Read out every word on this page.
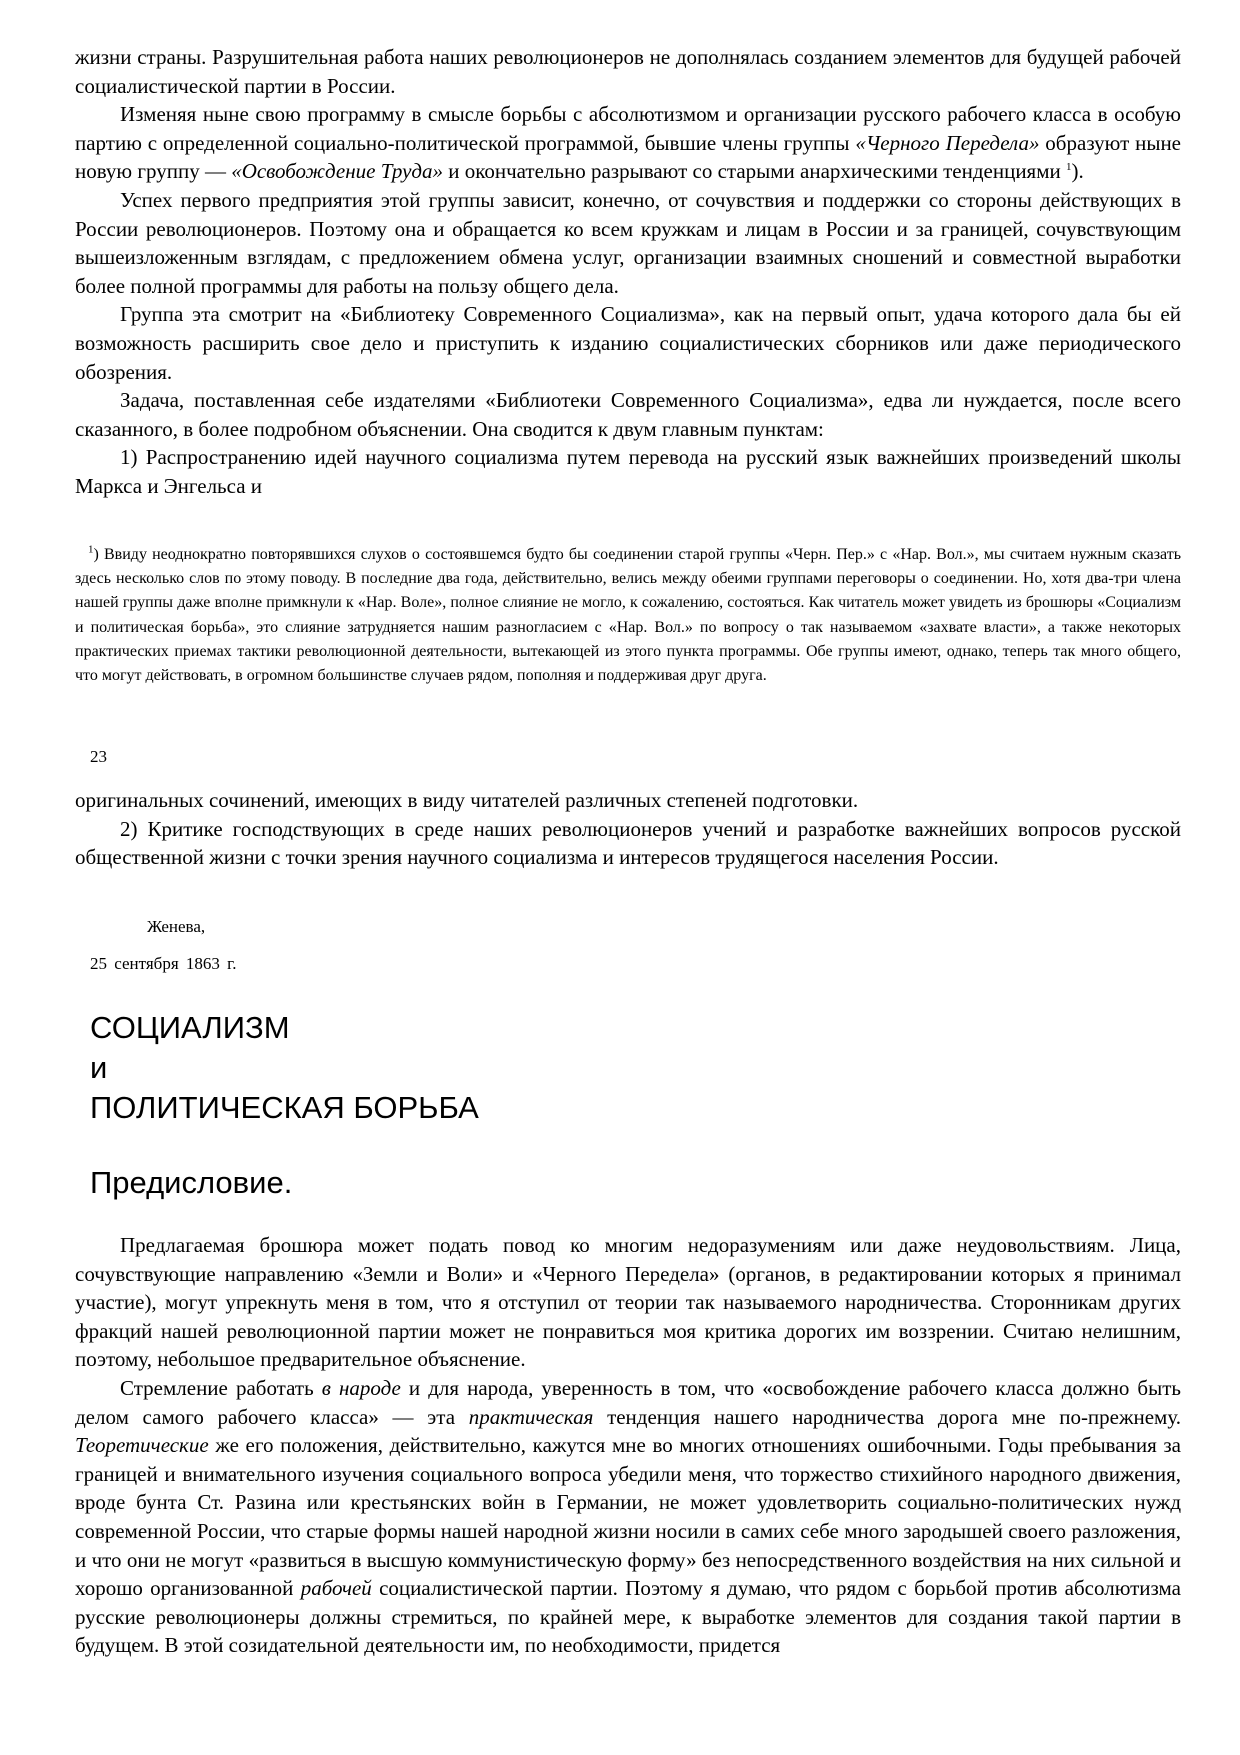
жизни страны. Разрушительная работа наших революционеров не дополнялась созданием элементов для будущей рабочей социалистической партии в России.

Изменяя ныне свою программу в смысле борьбы с абсолютизмом и организации русского рабочего класса в особую партию с определенной социально-политической программой, бывшие члены группы «Черного Передела» образуют ныне новую группу — «Освобождение Труда» и окончательно разрывают со старыми анархическими тенденциями $^1$).

Успех первого предприятия этой группы зависит, конечно, от сочувствия и поддержки со стороны действующих в России революционеров. Поэтому она и обращается ко всем кружкам и лицам в России и за границей, сочувствующим вышеизложенным взглядам, с предложением обмена услуг, организации взаимных сношений и совместной выработки более полной программы для работы на пользу общего дела.

Группа эта смотрит на «Библиотеку Современного Социализма», как на первый опыт, удача которого дала бы ей возможность расширить свое дело и приступить к изданию социалистических сборников или даже периодического обозрения.

Задача, поставленная себе издателями «Библиотеки Современного Социализма», едва ли нуждается, после всего сказанного, в более подробном объяснении. Она сводится к двум главным пунктам:

1) Распространению идей научного социализма путем перевода на русский язык важнейших произведений школы Маркса и Энгельса и

$^1$) Ввиду неоднократно повторявшихся слухов о состоявшемся будто бы соединении старой группы «Черн. Пер.» с «Нар. Вол.», мы считаем нужным сказать здесь несколько слов по этому поводу. В последние два года, действительно, велись между обеими группами переговоры о соединении. Но, хотя два-три члена нашей группы даже вполне примкнули к «Нар. Воле», полное слияние не могло, к сожалению, состояться. Как читатель может увидеть из брошюры «Социализм и политическая борьба», это слияние затрудняется нашим разногласием с «Нар. Вол.» по вопросу о так называемом «захвате власти», а также некоторых практических приемах тактики революционной деятельности, вытекающей из этого пункта программы. Обе группы имеют, однако, теперь так много общего, что могут действовать, в огромном большинстве случаев рядом, пополняя и поддерживая друг друга.

23

оригинальных сочинений, имеющих в виду читателей различных степеней подготовки.

2) Критике господствующих в среде наших революционеров учений и разработке важнейших вопросов русской общественной жизни с точки зрения научного социализма и интересов трудящегося населения России.

Женева,
25 сентября 1863 г.
СОЦИАЛИЗМ
и
ПОЛИТИЧЕСКАЯ БОРЬБА
Предисловие.

Предлагаемая брошюра может подать повод ко многим недоразумениям или даже неудовольствиям. Лица, сочувствующие направлению «Земли и Воли» и «Черного Передела» (органов, в редактировании которых я принимал участие), могут упрекнуть меня в том, что я отступил от теории так называемого народничества. Сторонникам других фракций нашей революционной партии может не понравиться моя критика дорогих им воззрении. Считаю нелишним, поэтому, небольшое предварительное объяснение.

Стремление работать в народе и для народа, уверенность в том, что «освобождение рабочего класса должно быть делом самого рабочего класса» — эта практическая тенденция нашего народничества дорога мне по-прежнему. Теоретические же его положения, действительно, кажутся мне во многих отношениях ошибочными. Годы пребывания за границей и внимательного изучения социального вопроса убедили меня, что торжество стихийного народного движения, вроде бунта Ст. Разина или крестьянских войн в Германии, не может удовлетворить социально-политических нужд современной России, что старые формы нашей народной жизни носили в самих себе много зародышей своего разложения, и что они не могут «развиться в высшую коммунистическую форму» без непосредственного воздействия на них сильной и хорошо организованной рабочей социалистической партии. Поэтому я думаю, что рядом с борьбой против абсолютизма русские революционеры должны стремиться, по крайней мере, к выработке элементов для создания такой партии в будущем. В этой созидательной деятельности им, по необходимости, придется
